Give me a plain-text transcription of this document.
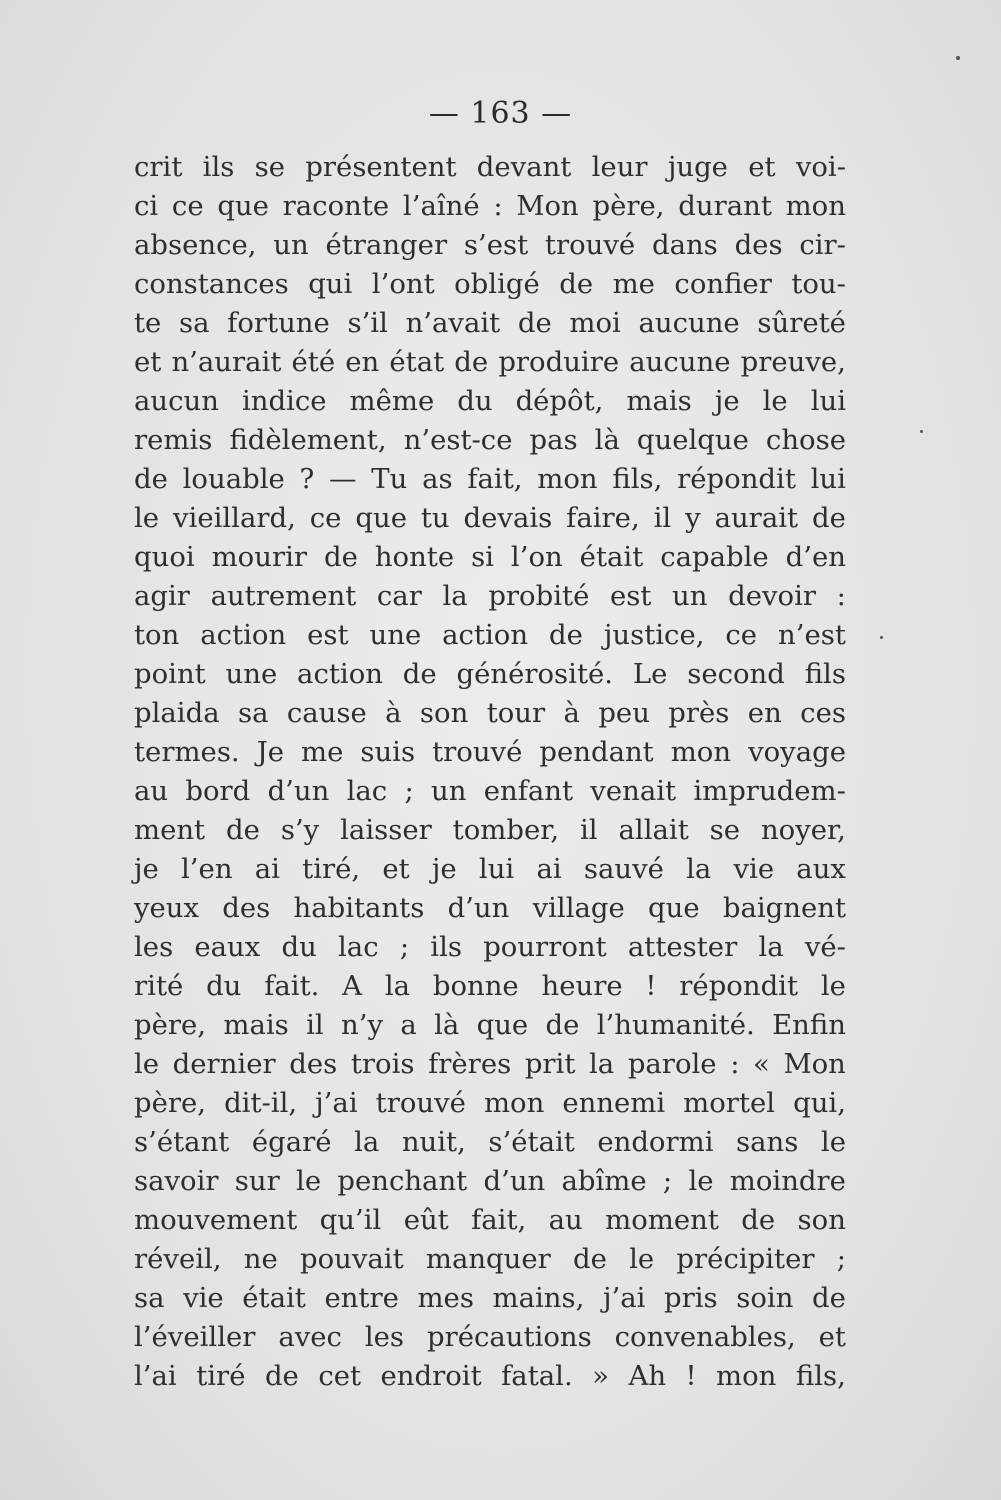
— 163 —
crit ils se présentent devant leur juge et voi-
ci ce que raconte l’aîné : Mon père, durant mon
absence, un étranger s’est trouvé dans des cir-
constances qui l’ont obligé de me confier tou-
te sa fortune s’il n’avait de moi aucune sûreté
et n’aurait été en état de produire aucune preuve,
aucun indice même du dépôt, mais je le lui
remis fidèlement, n’est-ce pas là quelque chose
de louable ? — Tu as fait, mon fils, répondit lui
le vieillard, ce que tu devais faire, il y aurait de
quoi mourir de honte si l’on était capable d’en
agir autrement car la probité est un devoir :
ton action est une action de justice, ce n’est
point une action de générosité. Le second fils
plaida sa cause à son tour à peu près en ces
termes. Je me suis trouvé pendant mon voyage
au bord d’un lac ; un enfant venait imprudem-
ment de s’y laisser tomber, il allait se noyer,
je l’en ai tiré, et je lui ai sauvé la vie aux
yeux des habitants d’un village que baignent
les eaux du lac ; ils pourront attester la vé-
rité du fait. A la bonne heure ! répondit le
père, mais il n’y a là que de l’humanité. Enfin
le dernier des trois frères prit la parole : « Mon
père, dit-il, j’ai trouvé mon ennemi mortel qui,
s’étant égaré la nuit, s’était endormi sans le
savoir sur le penchant d’un abîme ; le moindre
mouvement qu’il eût fait, au moment de son
réveil, ne pouvait manquer de le précipiter ;
sa vie était entre mes mains, j’ai pris soin de
l’éveiller avec les précautions convenables, et
l’ai tiré de cet endroit fatal. » Ah ! mon fils,
